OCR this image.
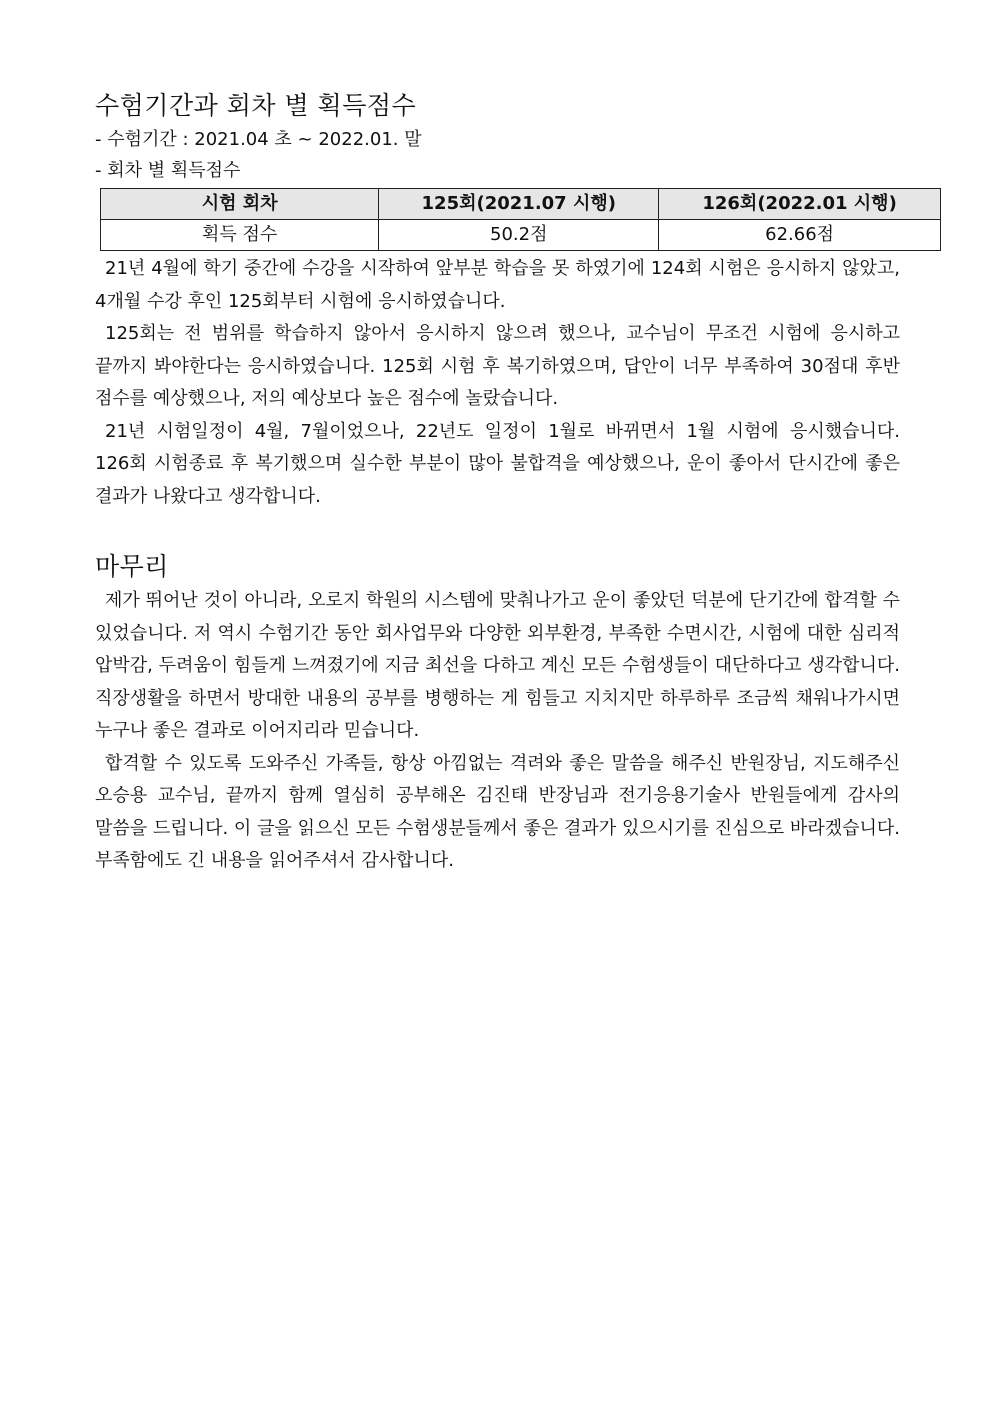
수험기간과 회차 별 획득점수

- 수험기간 : 2021.04 초 ~ 2022.01. 말

- 회차 별 획득점수

시험 회차	125회(2021.07 시행)	126회(2022.01 시행)
획득 점수	50.2점	62.66점

21년 4월에 학기 중간에 수강을 시작하여 앞부분 학습을 못 하였기에 124회 시험은 응시하지 않았고, 4개월 수강 후인 125회부터 시험에 응시하였습니다.

125회는 전 범위를 학습하지 않아서 응시하지 않으려 했으나, 교수님이 무조건 시험에 응시하고 끝까지 봐야한다는 응시하였습니다. 125회 시험 후 복기하였으며, 답안이 너무 부족하여 30점대 후반 점수를 예상했으나, 저의 예상보다 높은 점수에 놀랐습니다.

21년 시험일정이 4월, 7월이었으나, 22년도 일정이 1월로 바뀌면서 1월 시험에 응시했습니다. 126회 시험종료 후 복기했으며 실수한 부분이 많아 불합격을 예상했으나, 운이 좋아서 단시간에 좋은 결과가 나왔다고 생각합니다.

마무리

제가 뛰어난 것이 아니라, 오로지 학원의 시스템에 맞춰나가고 운이 좋았던 덕분에 단기간에 합격할 수 있었습니다. 저 역시 수험기간 동안 회사업무와 다양한 외부환경, 부족한 수면시간, 시험에 대한 심리적 압박감, 두려움이 힘들게 느껴졌기에 지금 최선을 다하고 계신 모든 수험생들이 대단하다고 생각합니다. 직장생활을 하면서 방대한 내용의 공부를 병행하는 게 힘들고 지치지만 하루하루 조금씩 채워나가시면 누구나 좋은 결과로 이어지리라 믿습니다.

합격할 수 있도록 도와주신 가족들, 항상 아낌없는 격려와 좋은 말씀을 해주신 반원장님, 지도해주신 오승용 교수님, 끝까지 함께 열심히 공부해온 김진태 반장님과 전기응용기술사 반원들에게 감사의 말씀을 드립니다. 이 글을 읽으신 모든 수험생분들께서 좋은 결과가 있으시기를 진심으로 바라겠습니다. 부족함에도 긴 내용을 읽어주셔서 감사합니다.
